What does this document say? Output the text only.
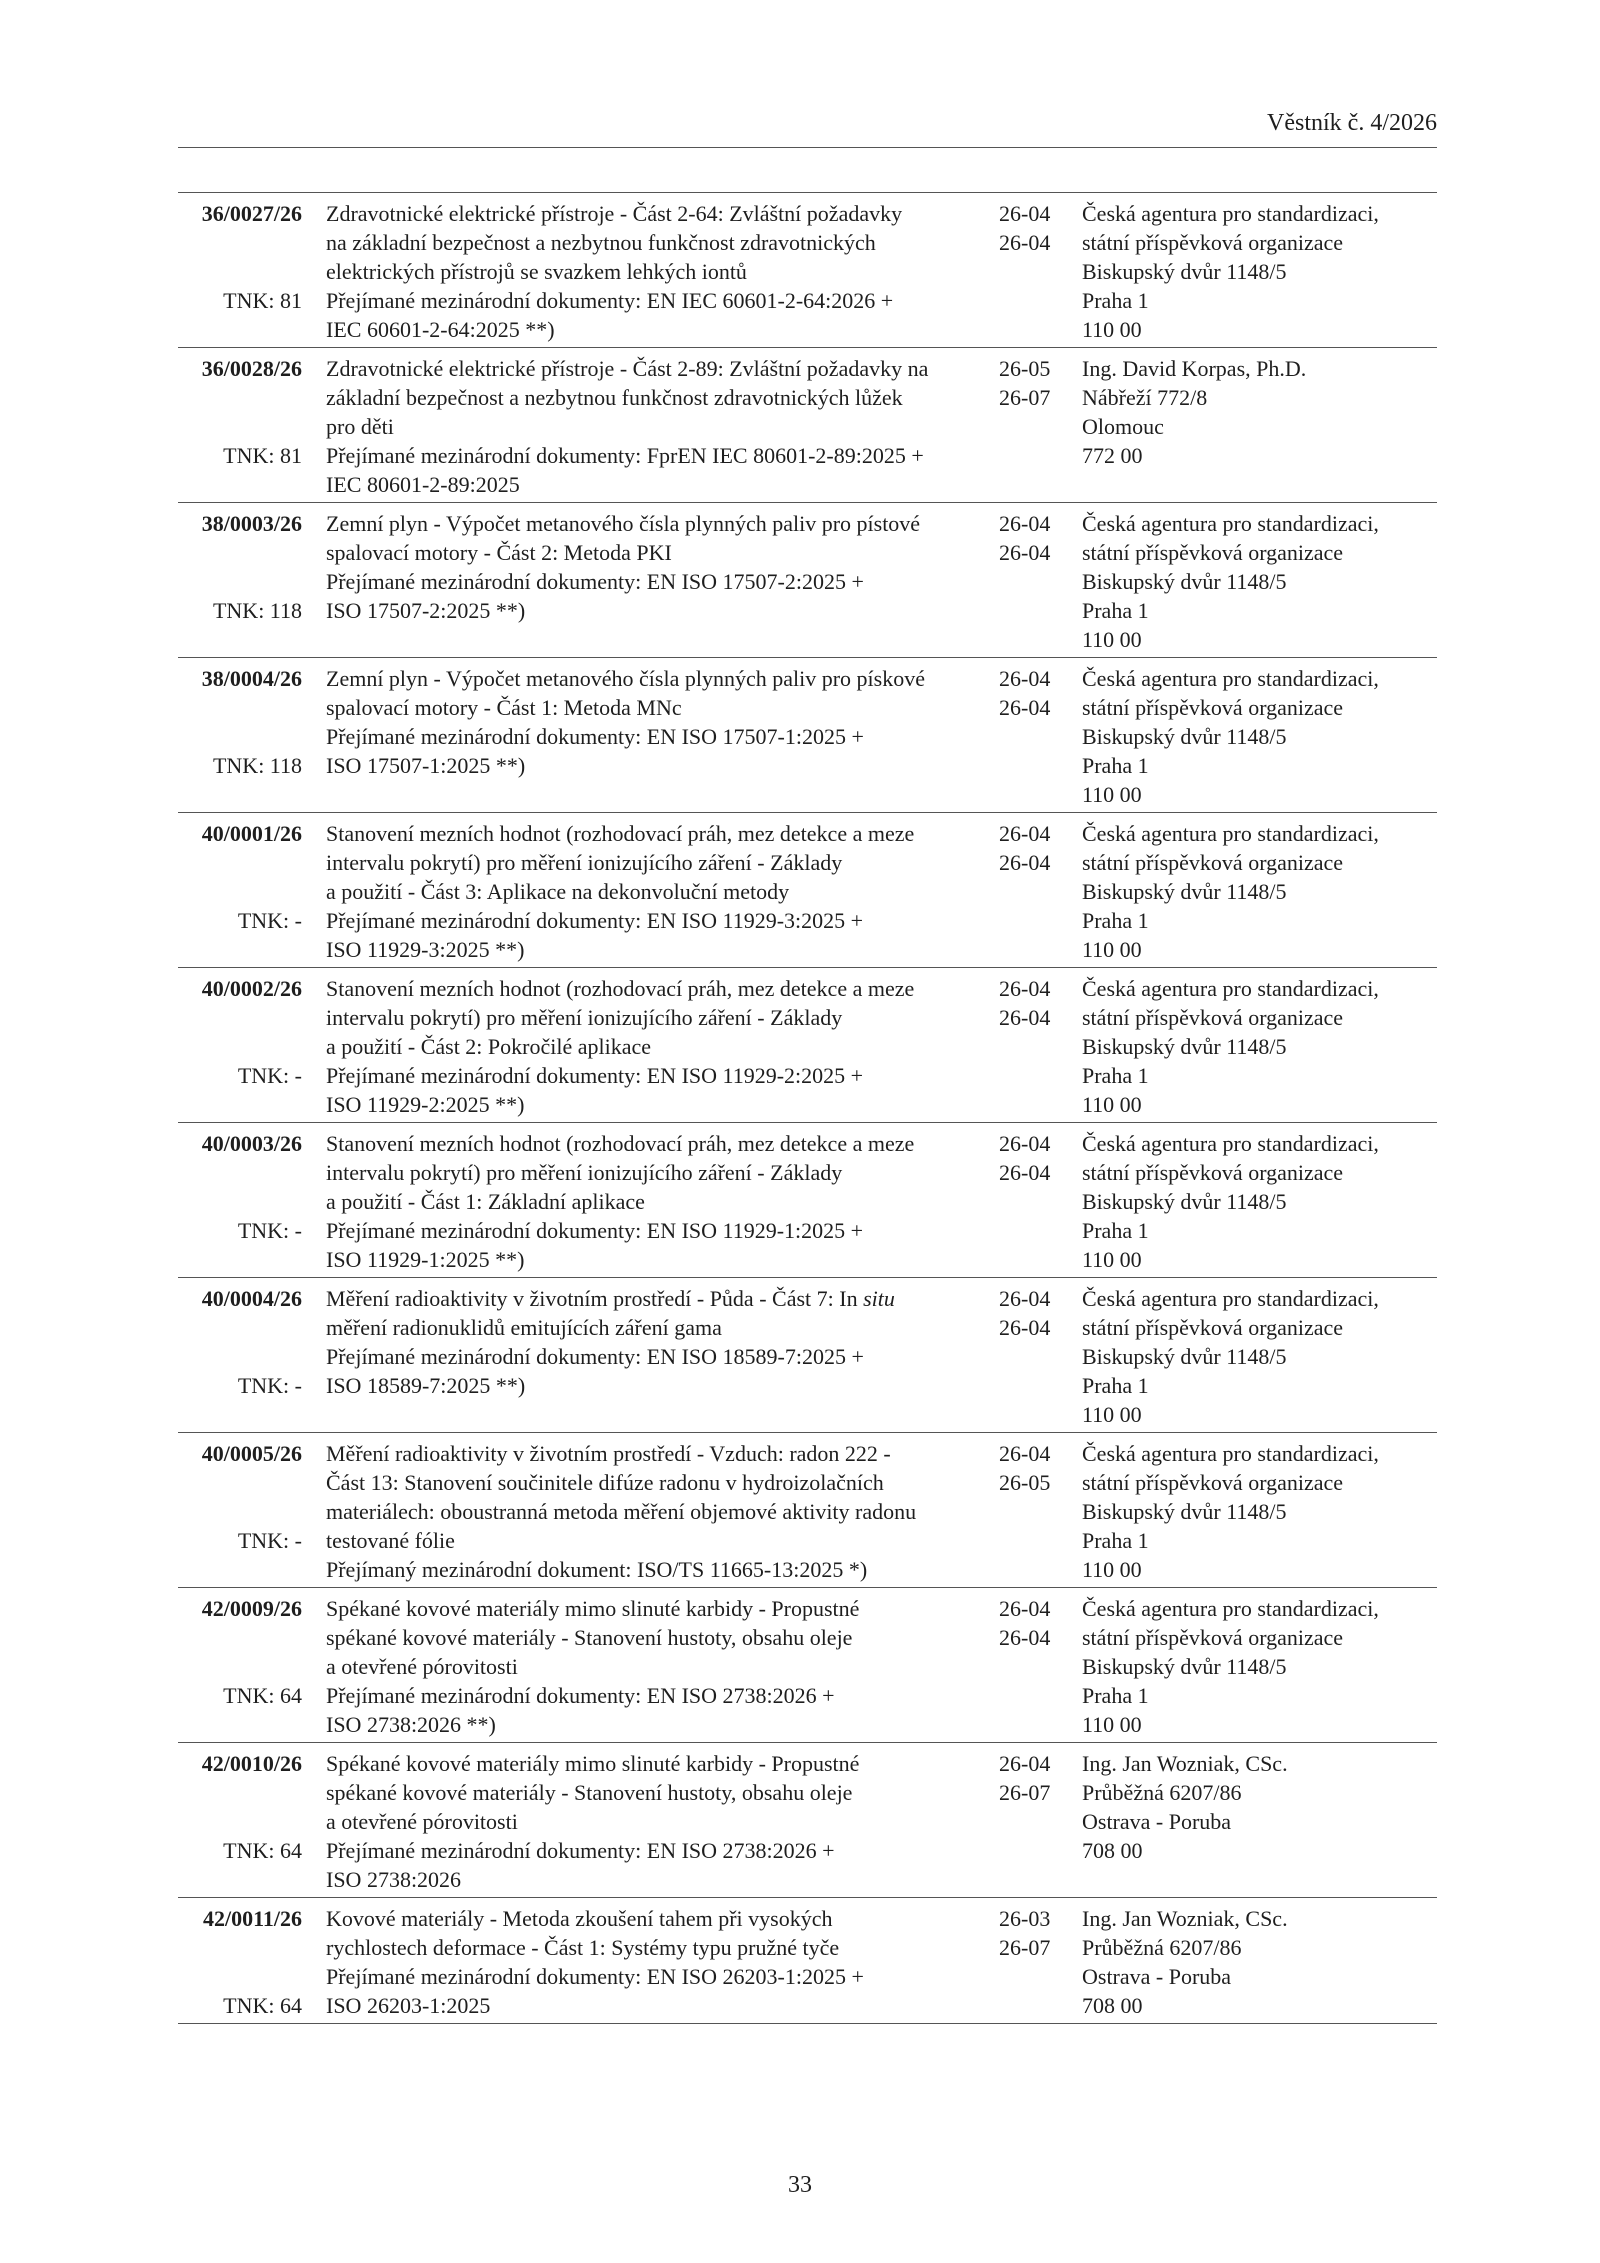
Věstník č. 4/2026
36/0027/26
TNK: 81
Zdravotnické elektrické přístroje - Část 2-64: Zvláštní požadavky
na základní bezpečnost a nezbytnou funkčnost zdravotnických
elektrických přístrojů se svazkem lehkých iontů
Přejímané mezinárodní dokumenty: EN IEC 60601-2-64:2026 +
IEC 60601-2-64:2025 **)
26-04
26-04
Česká agentura pro standardizaci,
státní příspěvková organizace
Biskupský dvůr 1148/5
Praha 1
110 00
36/0028/26
TNK: 81
Zdravotnické elektrické přístroje - Část 2-89: Zvláštní požadavky na
základní bezpečnost a nezbytnou funkčnost zdravotnických lůžek
pro děti
Přejímané mezinárodní dokumenty: FprEN IEC 80601-2-89:2025 +
IEC 80601-2-89:2025
26-05
26-07
Ing. David Korpas, Ph.D.
Nábřeží 772/8
Olomouc
772 00
38/0003/26
TNK: 118
Zemní plyn - Výpočet metanového čísla plynných paliv pro pístové
spalovací motory - Část 2: Metoda PKI
Přejímané mezinárodní dokumenty: EN ISO 17507-2:2025 +
ISO 17507-2:2025 **)
26-04
26-04
Česká agentura pro standardizaci,
státní příspěvková organizace
Biskupský dvůr 1148/5
Praha 1
110 00
38/0004/26
TNK: 118
Zemní plyn - Výpočet metanového čísla plynných paliv pro pískové
spalovací motory - Část 1: Metoda MNc
Přejímané mezinárodní dokumenty: EN ISO 17507-1:2025 +
ISO 17507-1:2025 **)
26-04
26-04
Česká agentura pro standardizaci,
státní příspěvková organizace
Biskupský dvůr 1148/5
Praha 1
110 00
40/0001/26
TNK: -
Stanovení mezních hodnot (rozhodovací práh, mez detekce a meze
intervalu pokrytí) pro měření ionizujícího záření - Základy
a použití - Část 3: Aplikace na dekonvoluční metody
Přejímané mezinárodní dokumenty: EN ISO 11929-3:2025 +
ISO 11929-3:2025 **)
26-04
26-04
Česká agentura pro standardizaci,
státní příspěvková organizace
Biskupský dvůr 1148/5
Praha 1
110 00
40/0002/26
TNK: -
Stanovení mezních hodnot (rozhodovací práh, mez detekce a meze
intervalu pokrytí) pro měření ionizujícího záření - Základy
a použití - Část 2: Pokročilé aplikace
Přejímané mezinárodní dokumenty: EN ISO 11929-2:2025 +
ISO 11929-2:2025 **)
26-04
26-04
Česká agentura pro standardizaci,
státní příspěvková organizace
Biskupský dvůr 1148/5
Praha 1
110 00
40/0003/26
TNK: -
Stanovení mezních hodnot (rozhodovací práh, mez detekce a meze
intervalu pokrytí) pro měření ionizujícího záření - Základy
a použití - Část 1: Základní aplikace
Přejímané mezinárodní dokumenty: EN ISO 11929-1:2025 +
ISO 11929-1:2025 **)
26-04
26-04
Česká agentura pro standardizaci,
státní příspěvková organizace
Biskupský dvůr 1148/5
Praha 1
110 00
40/0004/26
TNK: -
Měření radioaktivity v životním prostředí - Půda - Část 7: In situ
měření radionuklidů emitujících záření gama
Přejímané mezinárodní dokumenty: EN ISO 18589-7:2025 +
ISO 18589-7:2025 **)
26-04
26-04
Česká agentura pro standardizaci,
státní příspěvková organizace
Biskupský dvůr 1148/5
Praha 1
110 00
40/0005/26
TNK: -
Měření radioaktivity v životním prostředí - Vzduch: radon 222 -
Část 13: Stanovení součinitele difúze radonu v hydroizolačních
materiálech: oboustranná metoda měření objemové aktivity radonu
testované fólie
Přejímaný mezinárodní dokument: ISO/TS 11665-13:2025 *)
26-04
26-05
Česká agentura pro standardizaci,
státní příspěvková organizace
Biskupský dvůr 1148/5
Praha 1
110 00
42/0009/26
TNK: 64
Spékané kovové materiály mimo slinuté karbidy - Propustné
spékané kovové materiály - Stanovení hustoty, obsahu oleje
a otevřené pórovitosti
Přejímané mezinárodní dokumenty: EN ISO 2738:2026 +
ISO 2738:2026 **)
26-04
26-04
Česká agentura pro standardizaci,
státní příspěvková organizace
Biskupský dvůr 1148/5
Praha 1
110 00
42/0010/26
TNK: 64
Spékané kovové materiály mimo slinuté karbidy - Propustné
spékané kovové materiály - Stanovení hustoty, obsahu oleje
a otevřené pórovitosti
Přejímané mezinárodní dokumenty: EN ISO 2738:2026 +
ISO 2738:2026
26-04
26-07
Ing. Jan Wozniak, CSc.
Průběžná 6207/86
Ostrava - Poruba
708 00
42/0011/26
TNK: 64
Kovové materiály - Metoda zkoušení tahem při vysokých
rychlostech deformace - Část 1: Systémy typu pružné tyče
Přejímané mezinárodní dokumenty: EN ISO 26203-1:2025 +
ISO 26203-1:2025
26-03
26-07
Ing. Jan Wozniak, CSc.
Průběžná 6207/86
Ostrava - Poruba
708 00
33
